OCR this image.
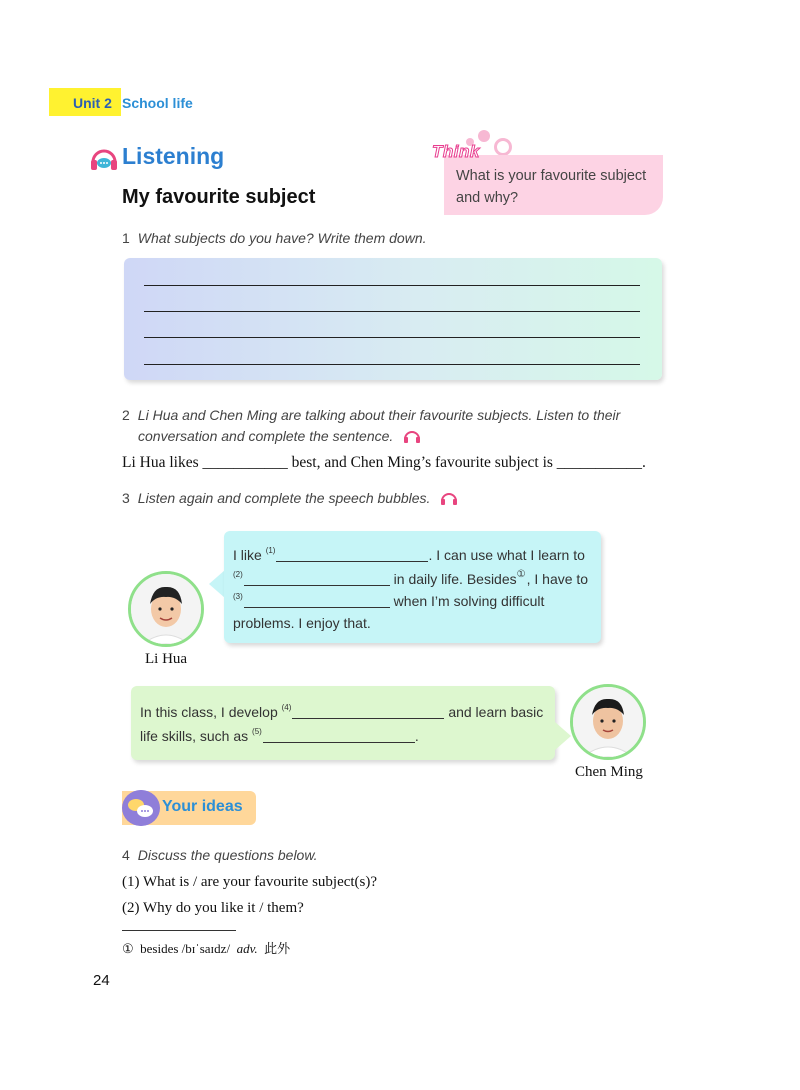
Unit 2 School life
Listening
My favourite subject
Think
What is your favourite subject and why?
1 What subjects do you have? Write them down.
2 Li Hua and Chen Ming are talking about their favourite subjects. Listen to their
conversation and complete the sentence.
Li Hua likes ___________ best, and Chen Ming’s favourite subject is ___________.
3 Listen again and complete the speech bubbles.
I like $^{(1)}$	. I can use what I learn to
$^{(2)}$	in daily life. Besides①, I have to
$^{(3)}$	when I’m solving difficult
problems. I enjoy that.
Li Hua
In this class, I develop $^{(4)}$	and learn basic
life skills, such as $^{(5)}$	.
Chen Ming
Your ideas
4 Discuss the questions below.
(1) What is / are your favourite subject(s)?
(2) Why do you like it / them?
① besides /bɪˈsaɪdz/ adv. 此外
24
